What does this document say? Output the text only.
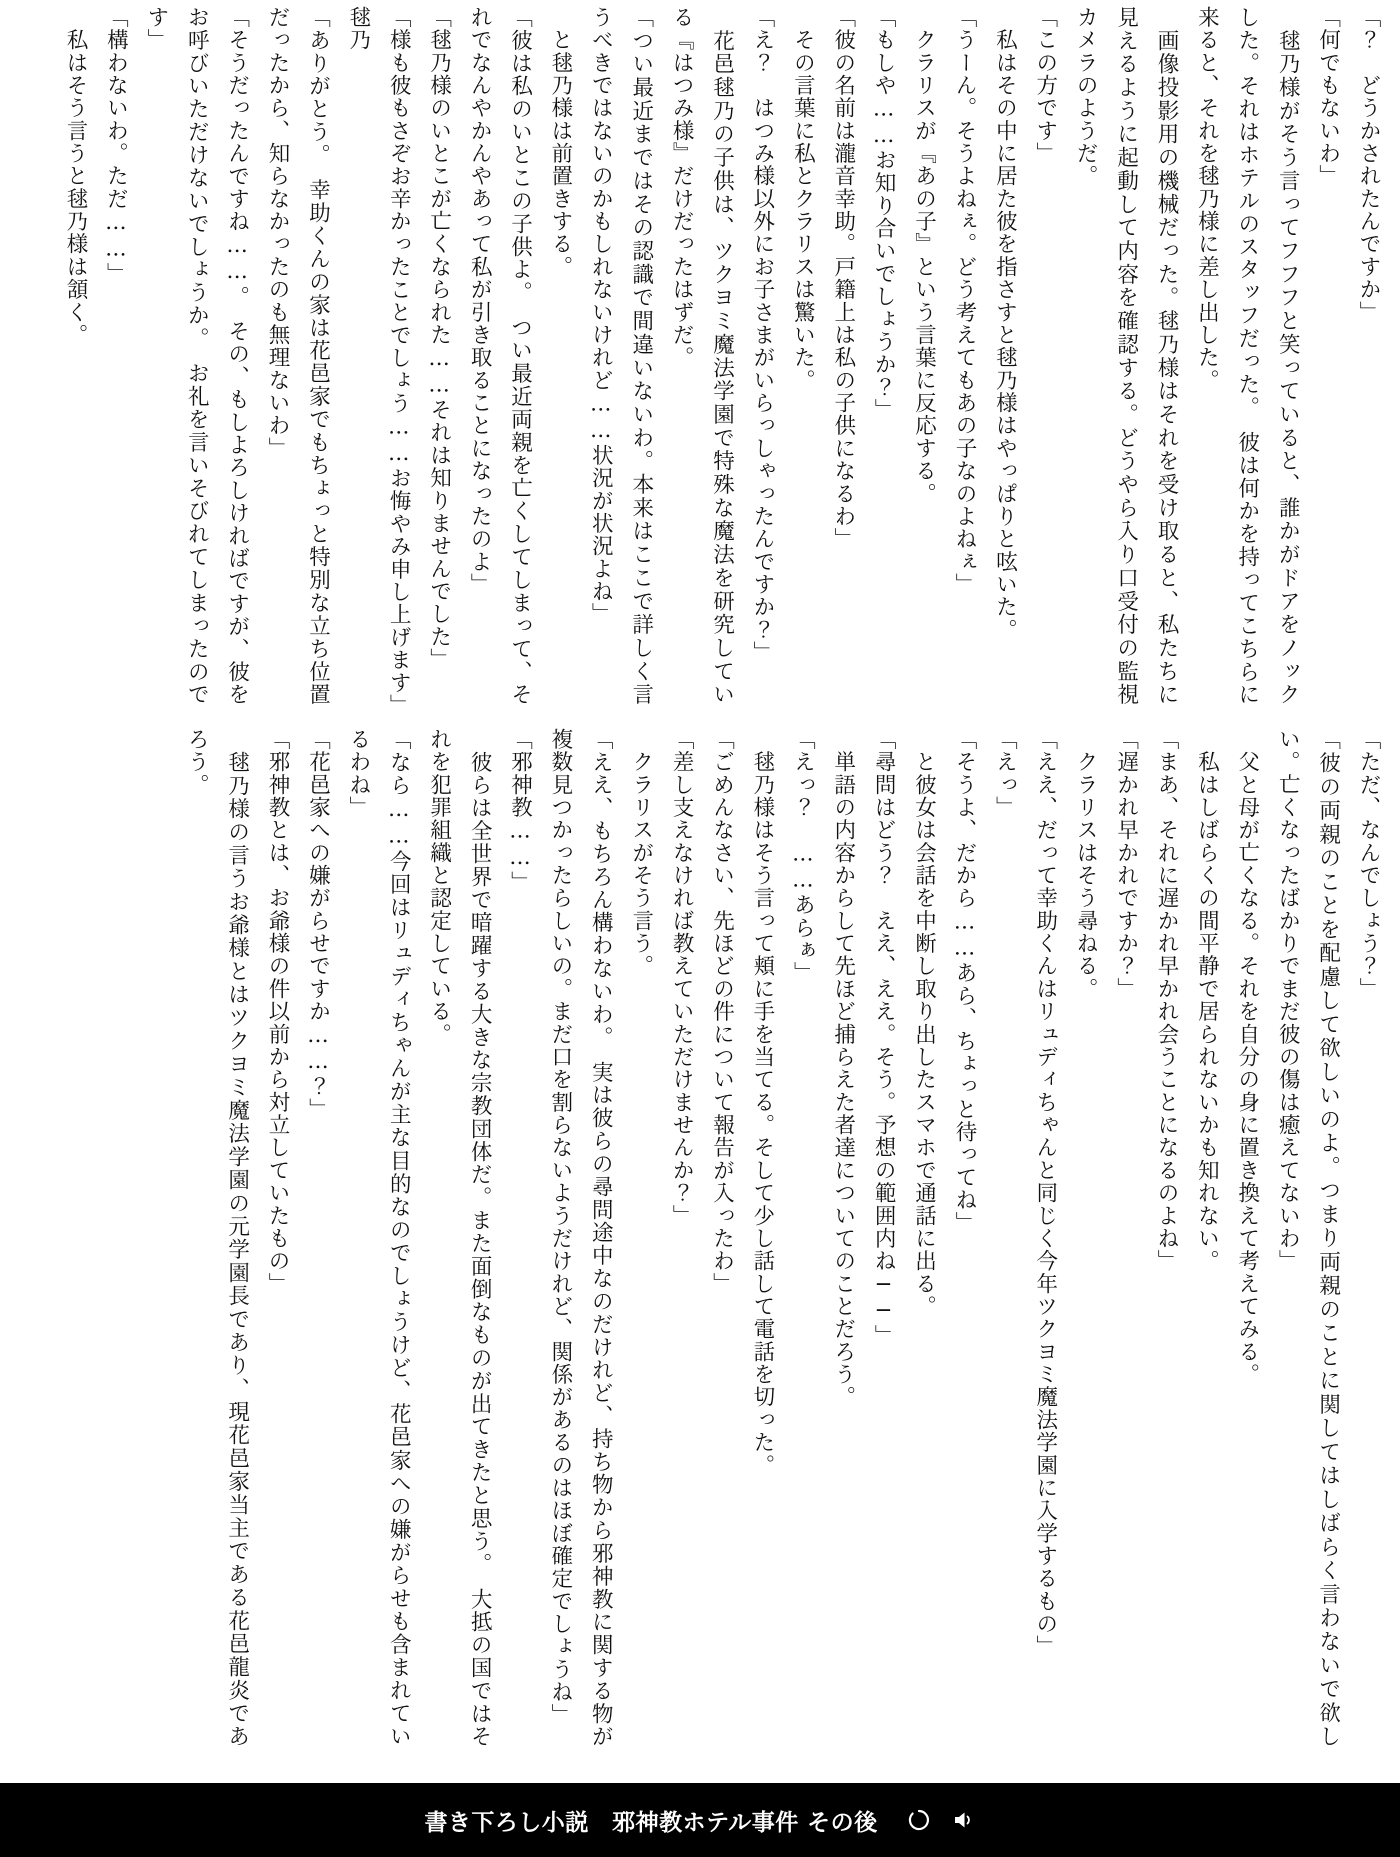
「？　どうかされたんですか」

「何でもないわ」

　毬乃様がそう言ってフフフと笑っていると、誰かがドアをノックした。それはホテルのスタッフだった。　彼は何かを持ってこちらに来ると、それを毬乃様に差し出した。

　画像投影用の機械だった。毬乃様はそれを受け取ると、私たちに見えるように起動して内容を確認する。どうやら入り口受付の監視カメラのようだ。

「この方です」

　私はその中に居た彼を指さすと毬乃様はやっぱりと呟いた。

「うーん。そうよねぇ。どう考えてもあの子なのよねぇ」

　クラリスが『あの子』という言葉に反応する。

「もしや……お知り合いでしょうか？」

「彼の名前は瀧音幸助。戸籍上は私の子供になるわ」

　その言葉に私とクラリスは驚いた。

「え？　はつみ様以外にお子さまがいらっしゃったんですか？」

　花邑毬乃の子供は、ツクヨミ魔法学園で特殊な魔法を研究している『はつみ様』だけだったはずだ。

「つい最近まではその認識で間違いないわ。本来はここで詳しく言うべきではないのかもしれないけれど……状況が状況よね」

　と毬乃様は前置きする。

「彼は私のいとこの子供よ。　つい最近両親を亡くしてしまって、それでなんやかんやあって私が引き取ることになったのよ」

「毬乃様のいとこが亡くなられた……それは知りませんでした」

「様も彼もさぞお辛かったことでしょう……お悔やみ申し上げます」毬乃

「ありがとう。　幸助くんの家は花邑家でもちょっと特別な立ち位置だったから、知らなかったのも無理ないわ」

「そうだったんですね……。　その、もしよろしければですが、彼をお呼びいただけないでしょうか。　お礼を言いそびれてしまったのです」

「構わないわ。ただ……」

　私はそう言うと毬乃様は頷く。

「ただ、なんでしょう？」

「彼の両親のことを配慮して欲しいのよ。つまり両親のことに関してはしばらく言わないで欲しい。亡くなったばかりでまだ彼の傷は癒えてないわ」

　父と母が亡くなる。それを自分の身に置き換えて考えてみる。

　私はしばらくの間平静で居られないかも知れない。

「まあ、それに遅かれ早かれ会うことになるのよね」

「遅かれ早かれですか？」

　クラリスはそう尋ねる。

「ええ、だって幸助くんはリュディちゃんと同じく今年ツクヨミ魔法学園に入学するもの」

「えっ」

「そうよ、だから……あら、ちょっと待ってね」

　と彼女は会話を中断し取り出したスマホで通話に出る。

「尋問はどう？　ええ、ええ。そう。予想の範囲内ね──」

　単語の内容からして先ほど捕らえた者達についてのことだろう。

「えっ？　……あらぁ」

　毬乃様はそう言って頬に手を当てる。そして少し話して電話を切った。

「ごめんなさい、先ほどの件について報告が入ったわ」

「差し支えなければ教えていただけませんか？」

　クラリスがそう言う。

「ええ、もちろん構わないわ。　実は彼らの尋問途中なのだけれど、持ち物から邪神教に関する物が複数見つかったらしいの。まだ口を割らないようだけれど、関係があるのはほぼ確定でしょうね」

「邪神教……」

　彼らは全世界で暗躍する大きな宗教団体だ。また面倒なものが出てきたと思う。　大抵の国ではそれを犯罪組織と認定している。

「なら……今回はリュディちゃんが主な目的なのでしょうけど、花邑家への嫌がらせも含まれているわね」

「花邑家への嫌がらせですか……？」

「邪神教とは、お爺様の件以前から対立していたもの」

　毬乃様の言うお爺様とはツクヨミ魔法学園の元学園長であり、現花邑家当主である花邑龍炎であろう。

書き下ろし小説　邪神教ホテル事件 その後
